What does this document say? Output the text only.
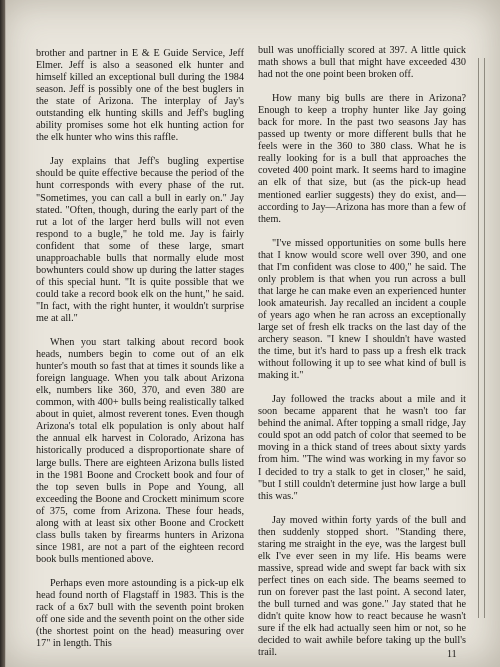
brother and partner in E & E Guide Service, Jeff Elmer. Jeff is also a seasoned elk hunter and himself killed an exceptional bull during the 1984 season. Jeff is possibly one of the best buglers in the state of Arizona. The interplay of Jay's outstanding elk hunting skills and Jeff's bugling ability promises some hot elk hunting action for the elk hunter who wins this raffle.

Jay explains that Jeff's bugling expertise should be quite effective because the period of the hunt corresponds with every phase of the rut. "Sometimes, you can call a bull in early on." Jay stated. "Often, though, during the early part of the rut a lot of the larger herd bulls will not even respond to a bugle," he told me. Jay is fairly confident that some of these large, smart unapproachable bulls that normally elude most bowhunters could show up during the latter stages of this special hunt. "It is quite possible that we could take a record book elk on the hunt," he said. "In fact, with the right hunter, it wouldn't surprise me at all."

When you start talking about record book heads, numbers begin to come out of an elk hunter's mouth so fast that at times it sounds like a foreign language. When you talk about Arizona elk, numbers like 360, 370, and even 380 are common, with 400+ bulls being realistically talked about in quiet, almost reverent tones. Even though Arizona's total elk population is only about half the annual elk harvest in Colorado, Arizona has historically produced a disproportionate share of large bulls. There are eighteen Arizona bulls listed in the 1981 Boone and Crockett book and four of the top seven bulls in Pope and Young, all exceeding the Boone and Crockett minimum score of 375, come from Arizona. These four heads, along with at least six other Boone and Crockett class bulls taken by firearms hunters in Arizona since 1981, are not a part of the eighteen record book bulls mentioned above.

Perhaps even more astounding is a pick-up elk head found north of Flagstaff in 1983. This is the rack of a 6x7 bull with the seventh point broken off one side and the seventh point on the other side (the shortest point on the head) measuring over 17" in length. This

bull was unofficially scored at 397. A little quick math shows a bull that might have exceeded 430 had not the one point been broken off.

How many big bulls are there in Arizona? Enough to keep a trophy hunter like Jay going back for more. In the past two seasons Jay has passed up twenty or more different bulls that he feels were in the 360 to 380 class. What he is really looking for is a bull that approaches the coveted 400 point mark. It seems hard to imagine an elk of that size, but (as the pick-up head mentioned earlier suggests) they do exist, and—according to Jay—Arizona has more than a few of them.

"I've missed opportunities on some bulls here that I know would score well over 390, and one that I'm confident was close to 400," he said. The only problem is that when you run across a bull that large he can make even an experienced hunter look amateurish. Jay recalled an incident a couple of years ago when he ran across an exceptionally large set of fresh elk tracks on the last day of the archery season. "I knew I shouldn't have wasted the time, but it's hard to pass up a fresh elk track without following it up to see what kind of bull is making it."

Jay followed the tracks about a mile and it soon became apparent that he wasn't too far behind the animal. After topping a small ridge, Jay could spot an odd patch of color that seemed to be moving in a thick stand of trees about sixty yards from him. "The wind was working in my favor so I decided to try a stalk to get in closer," he said, "but I still couldn't determine just how large a bull this was."

Jay moved within forty yards of the bull and then suddenly stopped short. "Standing there, staring me straight in the eye, was the largest bull elk I've ever seen in my life. His beams were massive, spread wide and swept far back with six perfect tines on each side. The beams seemed to run on forever past the last point. A second later, the bull turned and was gone." Jay stated that he didn't quite know how to react because he wasn't sure if the elk had actually seen him or not, so he decided to wait awhile before taking up the bull's trail.	11
